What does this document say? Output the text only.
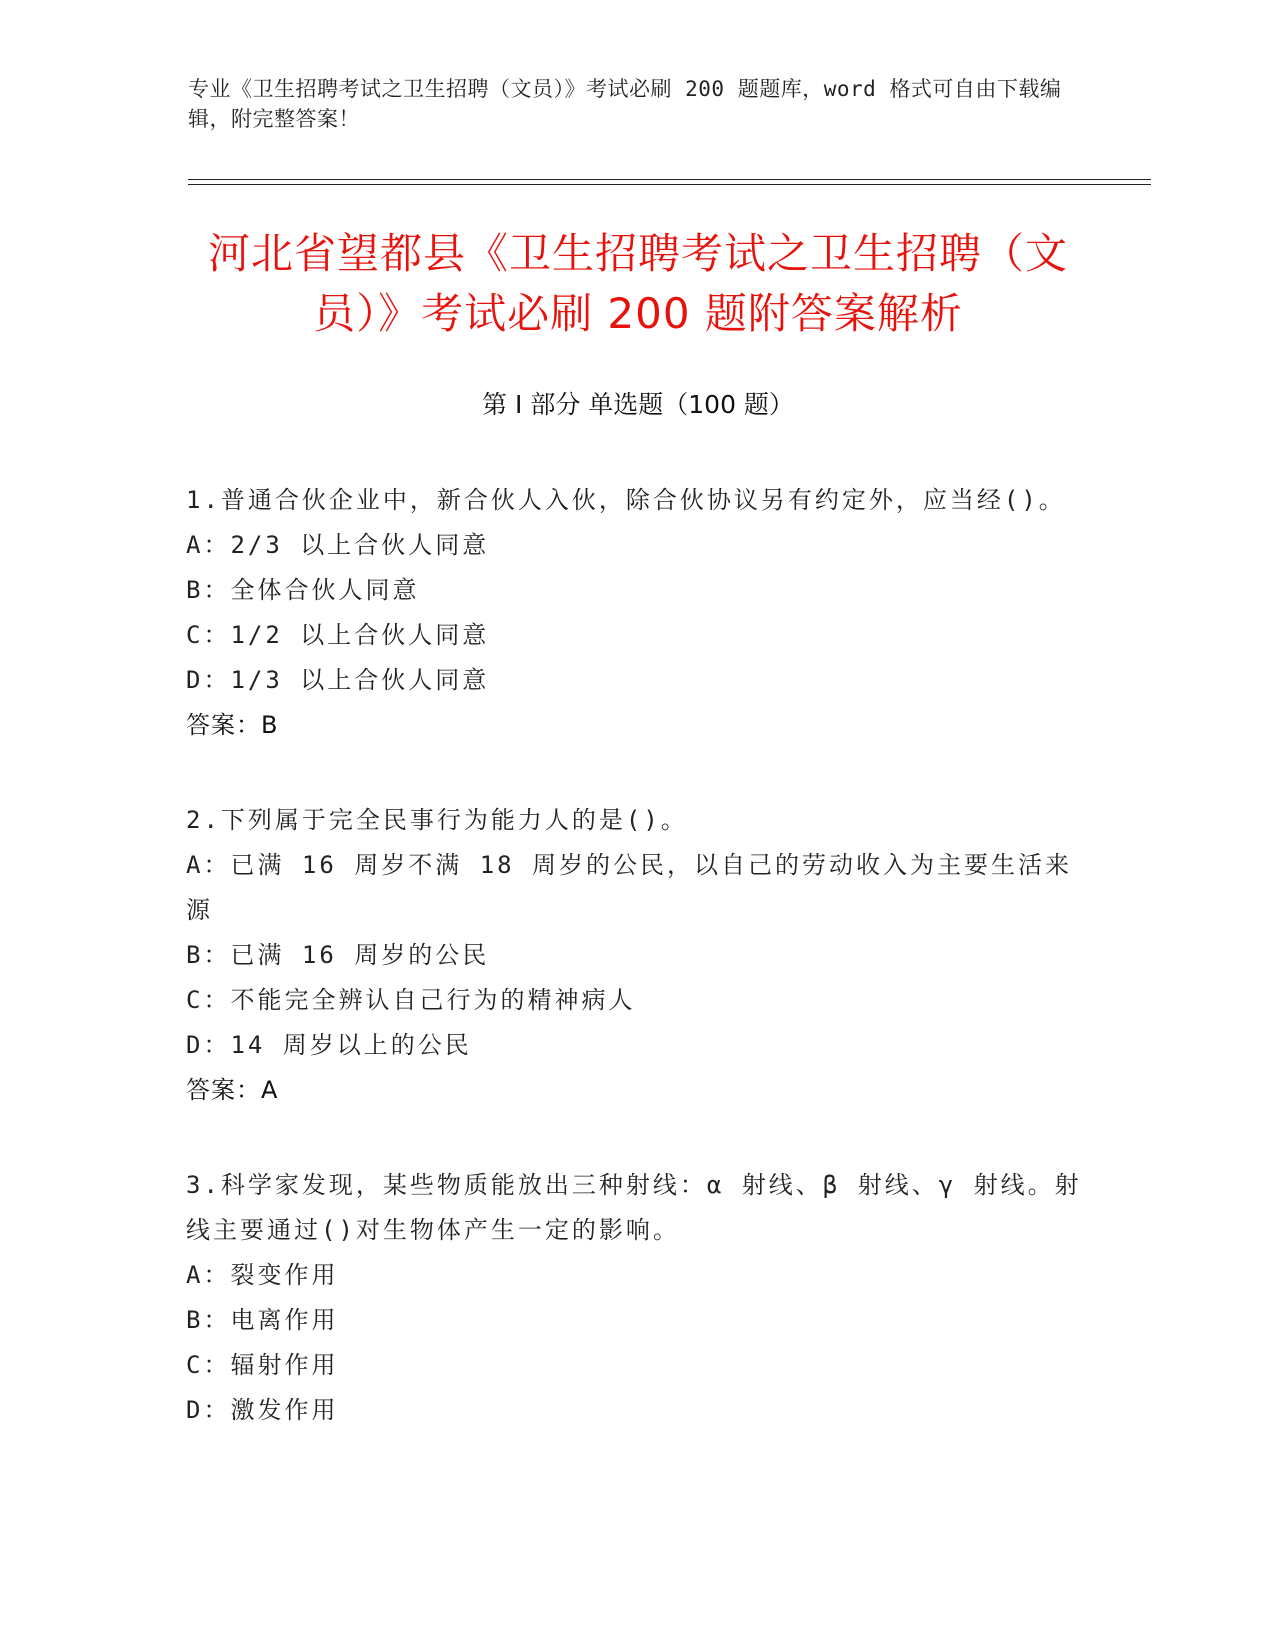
专业《卫生招聘考试之卫生招聘（文员）》考试必刷 200 题题库，word 格式可自由下载编辑，附完整答案！
河北省望都县《卫生招聘考试之卫生招聘（文员）》考试必刷 200 题附答案解析
第 I 部分 单选题（100 题）

1.普通合伙企业中，新合伙人入伙，除合伙协议另有约定外，应当经()。

A：2/3 以上合伙人同意

B：全体合伙人同意

C：1/2 以上合伙人同意

D：1/3 以上合伙人同意

答案：B

2.下列属于完全民事行为能力人的是()。

A：已满 16 周岁不满 18 周岁的公民，以自己的劳动收入为主要生活来源

B：已满 16 周岁的公民

C：不能完全辨认自己行为的精神病人

D：14 周岁以上的公民

答案：A

3.科学家发现，某些物质能放出三种射线：α 射线、β 射线、γ 射线。射线主要通过()对生物体产生一定的影响。

A：裂变作用

B：电离作用

C：辐射作用

D：激发作用
